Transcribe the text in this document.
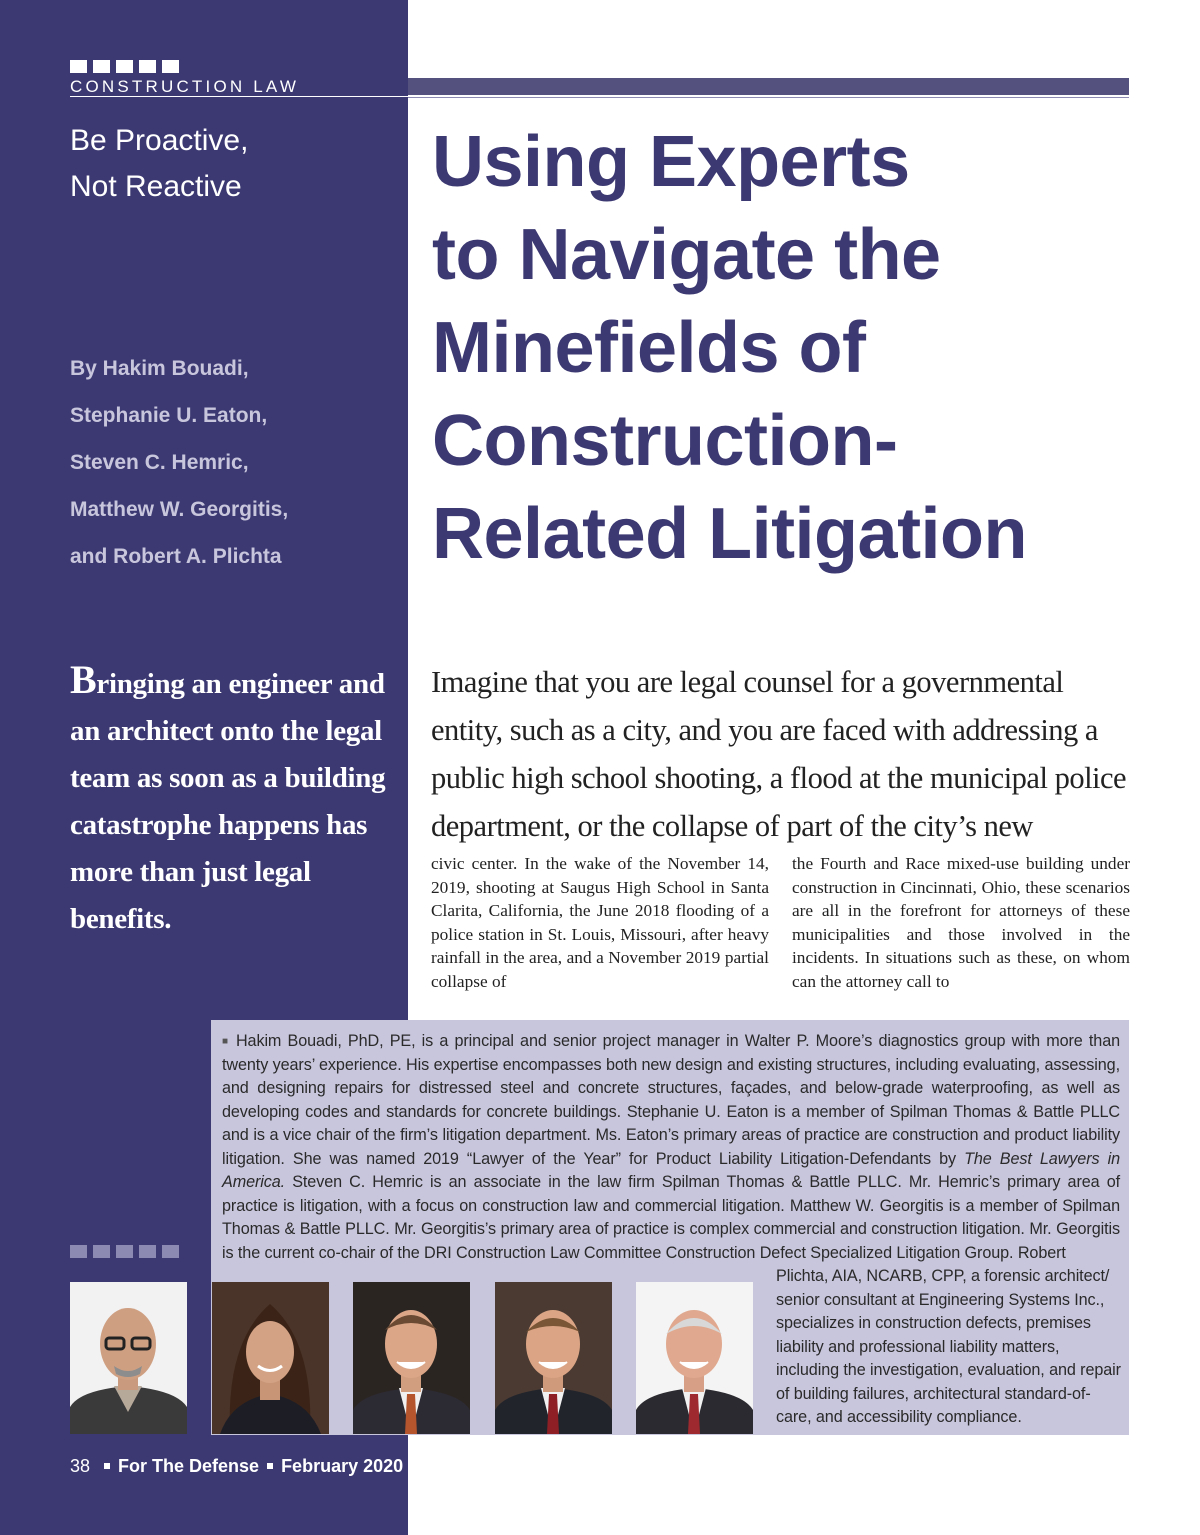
CONSTRUCTION LAW
Be Proactive,
Not Reactive
By Hakim Bouadi,
Stephanie U. Eaton,
Steven C. Hemric,
Matthew W. Georgitis,
and Robert A. Plichta
Using Experts
to Navigate the
Minefields of
Construction-
Related Litigation
Bringing an engineer and an architect onto the legal team as soon as a building catastrophe happens has more than just legal benefits.
Imagine that you are legal counsel for a governmental entity, such as a city, and you are faced with addressing a public high school shooting, a flood at the municipal police department, or the collapse of part of the city’s new

civic center. In the wake of the November 14, 2019, shooting at Saugus High School in Santa Clarita, California, the June 2018 flooding of a police station in St. Louis, Missouri, after heavy rainfall in the area, and a November 2019 partial collapse of

the Fourth and Race mixed-use building under construction in Cincinnati, Ohio, these scenarios are all in the forefront for attorneys of these municipalities and those involved in the incidents. In situations such as these, on whom can the attorney call to

■ Hakim Bouadi, PhD, PE, is a principal and senior project manager in Walter P. Moore’s diagnostics group with more than twenty years’ experience. His expertise encompasses both new design and existing structures, including evaluating, assessing, and designing repairs for distressed steel and concrete structures, façades, and below-grade waterproofing, as well as developing codes and standards for concrete buildings. Stephanie U. Eaton is a member of Spilman Thomas & Battle PLLC and is a vice chair of the firm’s litigation department. Ms. Eaton’s primary areas of practice are construction and product liability litigation. She was named 2019 “Lawyer of the Year” for Product Liability Litigation-Defendants by The Best Lawyers in America. Steven C. Hemric is an associate in the law firm Spilman Thomas & Battle PLLC. Mr. Hemric’s primary area of practice is litigation, with a focus on construction law and commercial litigation. Matthew W. Georgitis is a member of Spilman Thomas & Battle PLLC. Mr. Georgitis’s primary area of practice is complex commercial and construction litigation. Mr. Georgitis is the current co-chair of the DRI Construction Law Committee Construction Defect Specialized Litigation Group. Robert
Plichta, AIA, NCARB, CPP, a forensic architect/ senior consultant at Engineering Systems Inc., specializes in construction defects, premises liability and professional liability matters, including the investigation, evaluation, and repair of building failures, architectural standard-of-care, and accessibility compliance.
38 For The Defense February 2020
